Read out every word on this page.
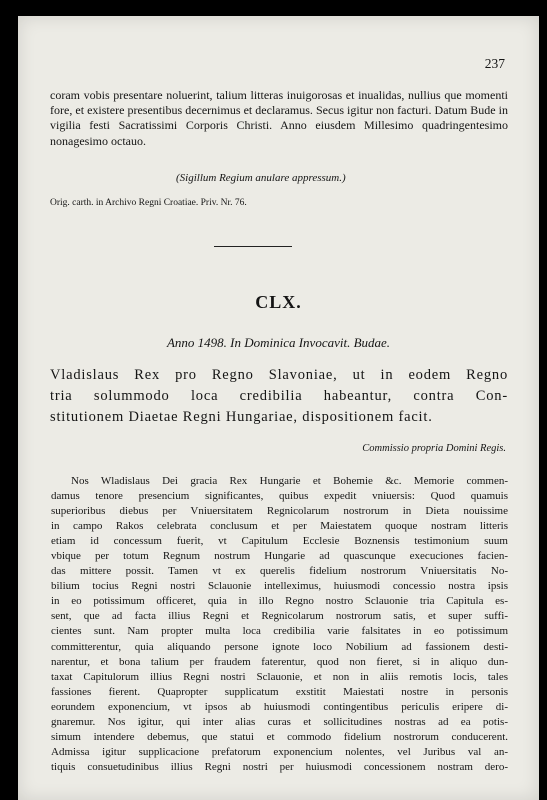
237
coram vobis presentare noluerint, talium litteras inuigorosas et inualidas, nullius que momenti fore, et existere presentibus decernimus et declaramus. Secus igitur non facturi. Datum Bude in vigilia festi Sacratissimi Corporis Christi. Anno eiusdem Millesimo quadringentesimo nonagesimo octauo.
(Sigillum Regium anulare appressum.)
Orig. carth. in Archivo Regni Croatiae. Priv. Nr. 76.
CLX.
Anno 1498. In Dominica Invocavit. Budae.
Vladislaus Rex pro Regno Slavoniae, ut in eodem Regno
tria solummodo loca credibilia habeantur, contra Con-
stitutionem Diaetae Regni Hungariae, dispositionem facit.
Commissio propria Domini Regis.
Nos Wladislaus Dei gracia Rex Hungarie et Bohemie &c. Memorie commen-
damus tenore presencium significantes, quibus expedit vniuersis: Quod quamuis
superioribus diebus per Vniuersitatem Regnicolarum nostrorum in Dieta nouissime
in campo Rakos celebrata conclusum et per Maiestatem quoque nostram litteris
etiam id concessum fuerit, vt Capitulum Ecclesie Boznensis testimonium suum
vbique per totum Regnum nostrum Hungarie ad quascunque execuciones facien-
das mittere possit. Tamen vt ex querelis fidelium nostrorum Vniuersitatis No-
bilium tocius Regni nostri Sclauonie intelleximus, huiusmodi concessio nostra ipsis
in eo potissimum officeret, quia in illo Regno nostro Sclauonie tria Capitula es-
sent, que ad facta illius Regni et Regnicolarum nostrorum satis, et super suffi-
cientes sunt. Nam propter multa loca credibilia varie falsitates in eo potissimum
committerentur, quia aliquando persone ignote loco Nobilium ad fassionem desti-
narentur, et bona talium per fraudem faterentur, quod non fieret, si in aliquo dun-
taxat Capitulorum illius Regni nostri Sclauonie, et non in aliis remotis locis, tales
fassiones fierent. Quapropter supplicatum exstitit Maiestati nostre in personis
eorundem exponencium, vt ipsos ab huiusmodi contingentibus periculis eripere di-
gnaremur. Nos igitur, qui inter alias curas et sollicitudines nostras ad ea potis-
simum intendere debemus, que statui et commodo fidelium nostrorum conducerent.
Admissa igitur supplicacione prefatorum exponencium nolentes, vel Juribus val an-
tiquis consuetudinibus illius Regni nostri per huiusmodi concessionem nostram dero-
